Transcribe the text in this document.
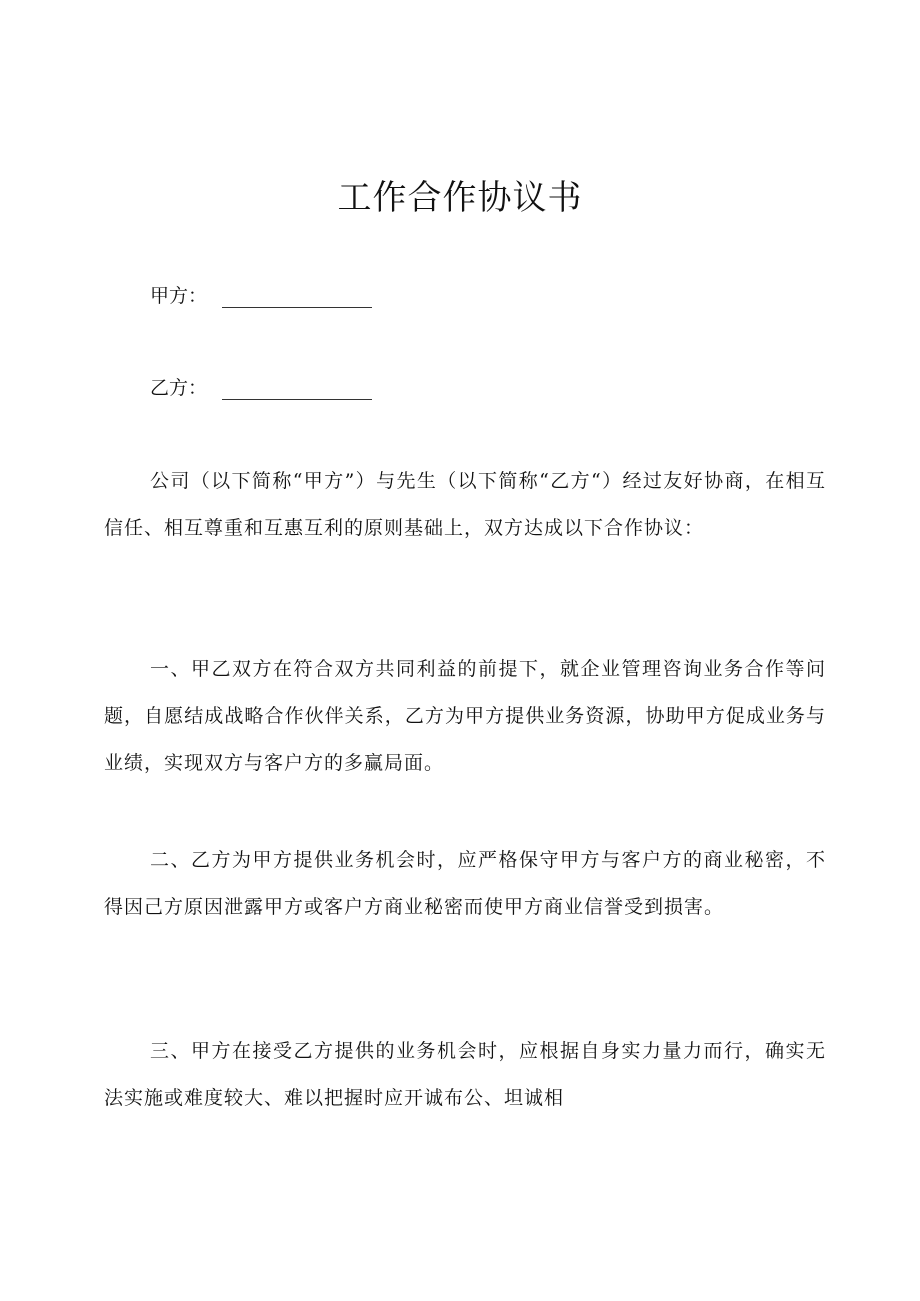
工作合作协议书
甲方：
乙方：

公司（以下简称“甲方”）与先生（以下简称“乙方“）经过友好协商，在相互信任、相互尊重和互惠互利的原则基础上，双方达成以下合作协议：

一、甲乙双方在符合双方共同利益的前提下，就企业管理咨询业务合作等问题，自愿结成战略合作伙伴关系，乙方为甲方提供业务资源，协助甲方促成业务与业绩，实现双方与客户方的多赢局面。

二、乙方为甲方提供业务机会时，应严格保守甲方与客户方的商业秘密，不得因己方原因泄露甲方或客户方商业秘密而使甲方商业信誉受到损害。

三、甲方在接受乙方提供的业务机会时，应根据自身实力量力而行，确实无法实施或难度较大、难以把握时应开诚布公、坦诚相
